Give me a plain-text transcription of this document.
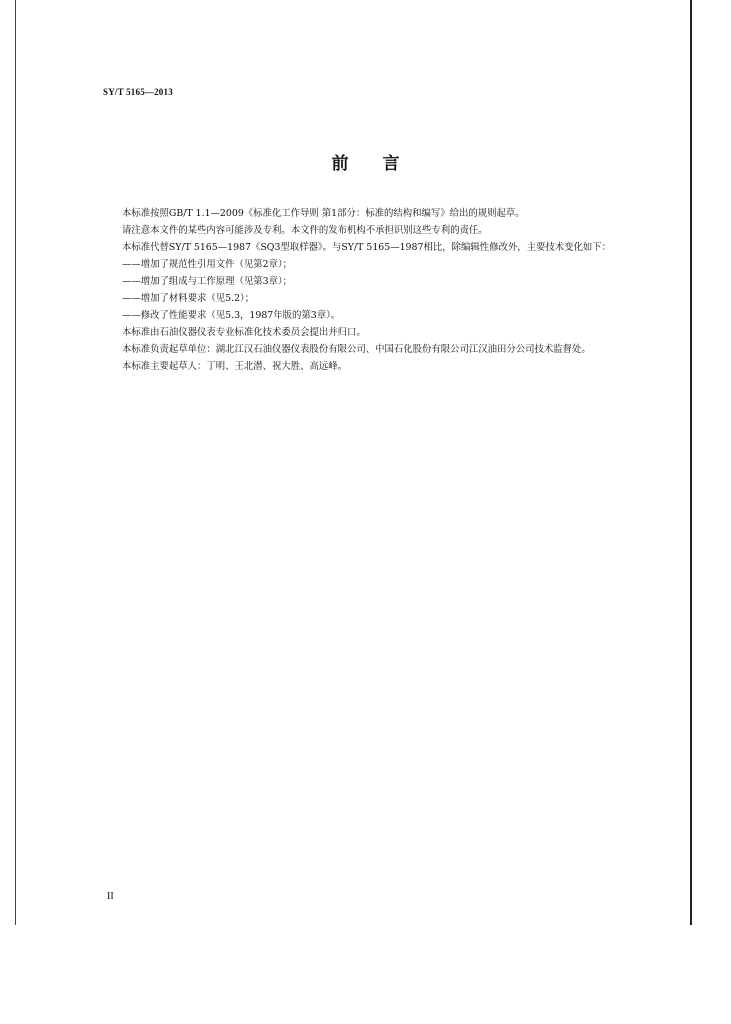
SY/T 5165—2013
前言

本标准按照GB/T 1.1—2009《标准化工作导则 第1部分：标准的结构和编写》给出的规则起草。

请注意本文件的某些内容可能涉及专利。本文件的发布机构不承担识别这些专利的责任。

本标准代替SY/T 5165—1987《SQ3型取样器》。与SY/T 5165—1987相比，除编辑性修改外，主要技术变化如下：

——增加了规范性引用文件（见第2章）；

——增加了组成与工作原理（见第3章）；

——增加了材料要求（见5.2）；

——修改了性能要求（见5.3，1987年版的第3章）。

本标准由石油仪器仪表专业标准化技术委员会提出并归口。

本标准负责起草单位：湖北江汉石油仪器仪表股份有限公司、中国石化股份有限公司江汉油田分公司技术监督处。

本标准主要起草人：丁明、王北潜、祝大胜、高远峰。

II
